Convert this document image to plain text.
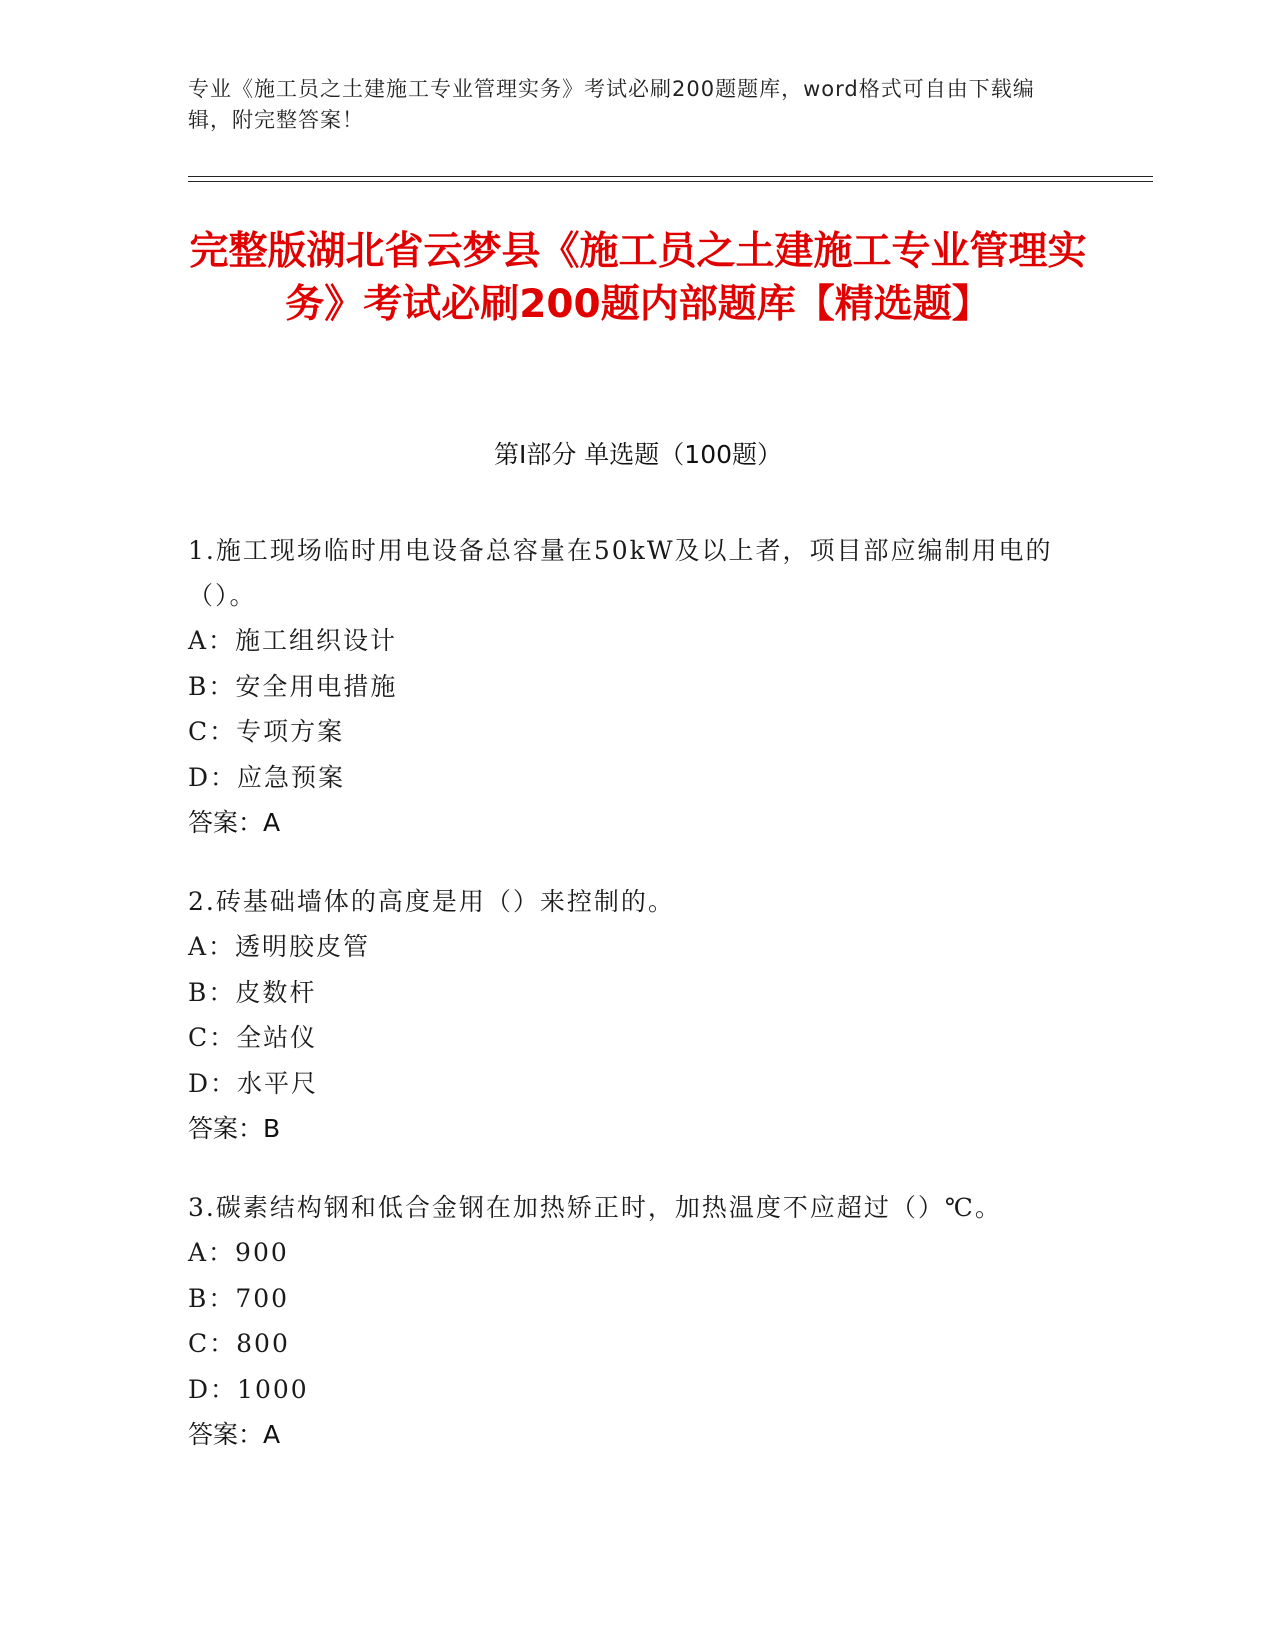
专业《施工员之土建施工专业管理实务》考试必刷200题题库，word格式可自由下载编辑，附完整答案！
完整版湖北省云梦县《施工员之土建施工专业管理实务》考试必刷200题内部题库【精选题】
第I部分 单选题（100题）
1.施工现场临时用电设备总容量在50kW及以上者，项目部应编制用电的（）。
A：施工组织设计
B：安全用电措施
C：专项方案
D：应急预案
答案：A
2.砖基础墙体的高度是用（）来控制的。
A：透明胶皮管
B：皮数杆
C：全站仪
D：水平尺
答案：B
3.碳素结构钢和低合金钢在加热矫正时，加热温度不应超过（）℃。
A：900
B：700
C：800
D：1000
答案：A
